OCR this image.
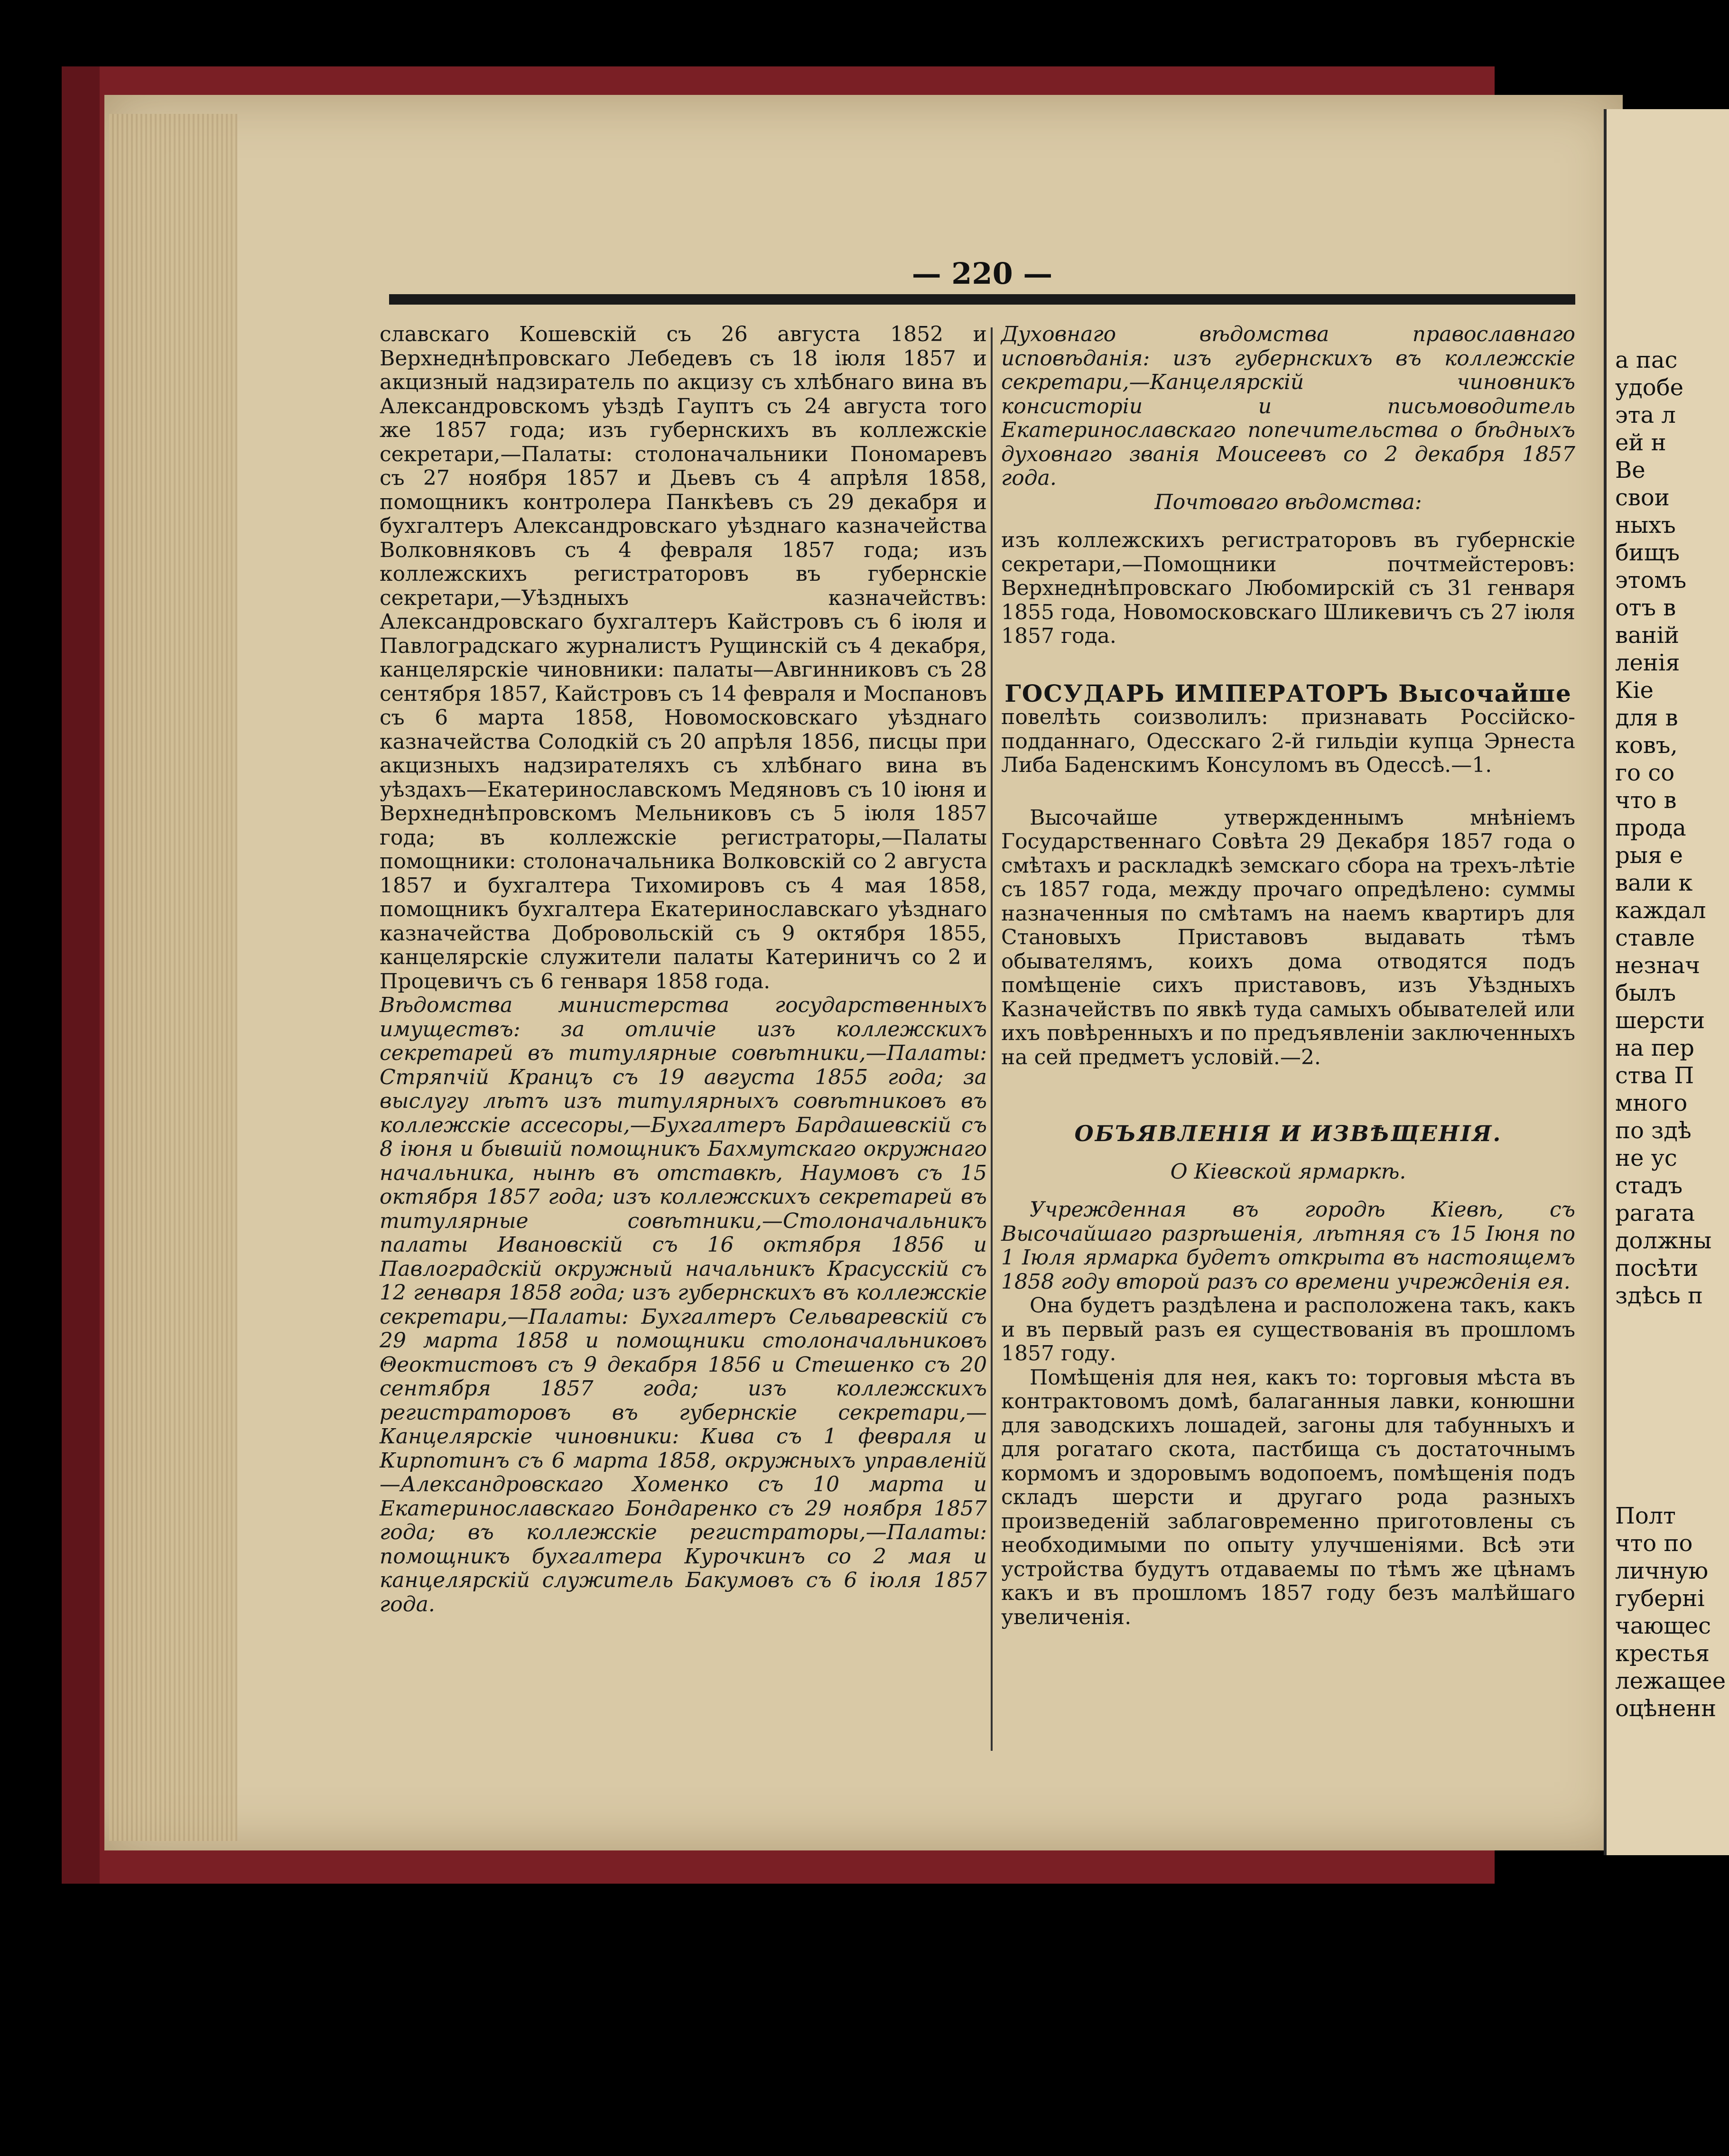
— 220 —

славскаго Кошевскій съ 26 августа 1852 и Верхнеднѣпровскаго Лебедевъ съ 18 іюля 1857 и акцизный надзиратель по акцизу съ хлѣбнаго вина въ Александровскомъ уѣздѣ Гауптъ съ 24 августа того же 1857 года; изъ губернскихъ въ коллежскіе секретари,—Палаты: столоначальники Пономаревъ съ 27 ноября 1857 и Дьевъ съ 4 апрѣля 1858, помощникъ контролера Панкѣевъ съ 29 декабря и бухгалтеръ Александровскаго уѣзднаго казначейства Волковняковъ съ 4 февраля 1857 года; изъ коллежскихъ регистраторовъ въ губернскіе секретари,—Уѣздныхъ казначействъ: Александровскаго бухгалтеръ Кайстровъ съ 6 іюля и Павлоградскаго журналистъ Рущинскій съ 4 декабря, канцелярскіе чиновники: палаты—Авгинниковъ съ 28 сентября 1857, Кайстровъ съ 14 февраля и Моспановъ съ 6 марта 1858, Новомосковскаго уѣзднаго казначейства Солодкій съ 20 апрѣля 1856, писцы при акцизныхъ надзирателяхъ съ хлѣбнаго вина въ уѣздахъ—Екатеринославскомъ Медяновъ съ 10 іюня и Верхнеднѣпровскомъ Мельниковъ съ 5 іюля 1857 года; въ коллежскіе регистраторы,—Палаты помощники: столоначальника Волковскій со 2 августа 1857 и бухгалтера Тихомировъ съ 4 мая 1858, помощникъ бухгалтера Екатеринославскаго уѣзднаго казначейства Добровольскій съ 9 октября 1855, канцелярскіе служители палаты Катериничъ со 2 и Процевичъ съ 6 генваря 1858 года.

Вѣдомства министерства государственныхъ имуществъ: за отличіе изъ коллежскихъ секретарей въ титулярные совѣтники,—Палаты: Стряпчій Кранцъ съ 19 августа 1855 года; за выслугу лѣтъ изъ титулярныхъ совѣтниковъ въ коллежскіе ассесоры,—Бухгалтеръ Бардашевскій съ 8 іюня и бывшій помощникъ Бахмутскаго окружнаго начальника, нынѣ въ отставкѣ, Наумовъ съ 15 октября 1857 года; изъ коллежскихъ секретарей въ титулярные совѣтники,—Столоначальникъ палаты Ивановскій съ 16 октября 1856 и Павлоградскій окружный начальникъ Красусскій съ 12 генваря 1858 года; изъ губернскихъ въ коллежскіе секретари,—Палаты: Бухгалтеръ Сельваревскій съ 29 марта 1858 и помощники столоначальниковъ Θеоктистовъ съ 9 декабря 1856 и Стешенко съ 20 сентября 1857 года; изъ коллежскихъ регистраторовъ въ губернскіе секретари,—Канцелярскіе чиновники: Кива съ 1 февраля и Кирпотинъ съ 6 марта 1858, окружныхъ управленій—Александровскаго Хоменко съ 10 марта и Екатеринославскаго Бондаренко съ 29 ноября 1857 года; въ коллежскіе регистраторы,—Палаты: помощникъ бухгалтера Курочкинъ со 2 мая и канцелярскій служитель Бакумовъ съ 6 іюля 1857 года.

Духовнаго вѣдомства православнаго исповѣданія: изъ губернскихъ въ коллежскіе секретари,—Канцелярскій чиновникъ консисторіи и письмоводитель Екатеринославскаго попечительства о бѣдныхъ духовнаго званія Моисеевъ со 2 декабря 1857 года.

Почтоваго вѣдомства:

изъ коллежскихъ регистраторовъ въ губернскіе секретари,—Помощники почтмейстеровъ: Верхнеднѣпровскаго Любомирскій съ 31 генваря 1855 года, Новомосковскаго Шликевичъ съ 27 іюля 1857 года.

ГОСУДАРЬ ИМПЕРАТОРЪ Высочайше

повелѣть соизволилъ: признавать Россійско-подданнаго, Одесскаго 2-й гильдіи купца Эрнеста Либа Баденскимъ Консуломъ въ Одессѣ.—1.

Высочайше утвержденнымъ мнѣніемъ Государственнаго Совѣта 29 Декабря 1857 года о смѣтахъ и раскладкѣ земскаго сбора на трехъ-лѣтіе съ 1857 года, между прочаго опредѣлено: суммы назначенныя по смѣтамъ на наемъ квартиръ для Становыхъ Приставовъ выдавать тѣмъ обывателямъ, коихъ дома отводятся подъ помѣщеніе сихъ приставовъ, изъ Уѣздныхъ Казначействъ по явкѣ туда самыхъ обывателей или ихъ повѣренныхъ и по предъявленіи заключенныхъ на сей предметъ условій.—2.

ОБЪЯВЛЕНІЯ И ИЗВѢЩЕНІЯ.

О Кіевской ярмаркѣ.

Учрежденная въ городѣ Кіевѣ, съ Высочайшаго разрѣшенія, лѣтняя съ 15 Іюня по 1 Іюля ярмарка будетъ открыта въ настоящемъ 1858 году второй разъ со времени учрежденія ея.

Она будетъ раздѣлена и расположена такъ, какъ и въ первый разъ ея существованія въ прошломъ 1857 году.

Помѣщенія для нея, какъ то: торговыя мѣста въ контрактовомъ домѣ, балаганныя лавки, конюшни для заводскихъ лошадей, загоны для табунныхъ и для рогатаго скота, пастбища съ достаточнымъ кормомъ и здоровымъ водопоемъ, помѣщенія подъ складъ шерсти и другаго рода разныхъ произведеній заблаговременно приготовлены съ необходимыми по опыту улучшеніями. Всѣ эти устройства будутъ отдаваемы по тѣмъ же цѣнамъ какъ и въ прошломъ 1857 году безъ малѣйшаго увеличенія.

а пас
удобе
эта л
ей н
Ве
свои
ныхъ
бищъ
этомъ
отъ в
ваній
ленія
Кіе
для в
ковъ,
го со
что в
прода
рыя е
вали к
каждал
ставле
незнач
былъ
шерсти
на пер
ства П
много
по здѣ
не ус
стадъ
рагата
должны
посѣти
здѣсь п

Полт
что по
личную
губерні
чающес
крестья
лежащее
оцѣненн
